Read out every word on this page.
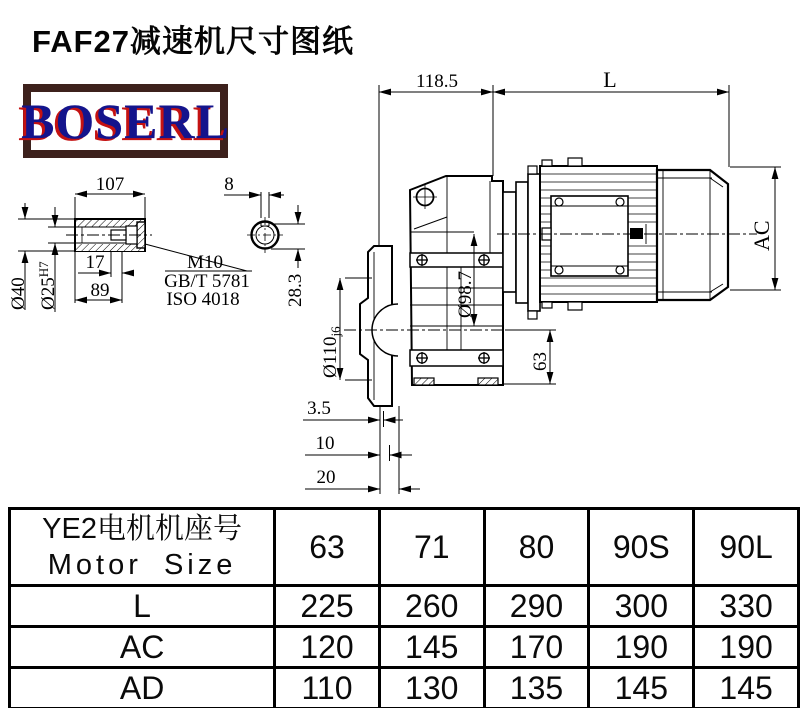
FAF27减速机尺寸图纸
BOSERL
107
17
89
8
M10
GB/T 5781
ISO 4018
Ø40 $Ø25^{H7}$
28.3
118.5	L
AC
Ø98.7
$Ø110_{j6}$
63
3.5
10
20
YE2电机机座号
Motor Size	63	71	80	90S	90L
L	225	260	290	300	330
AC	120	145	170	190	190
AD	110	130	135	145	145
